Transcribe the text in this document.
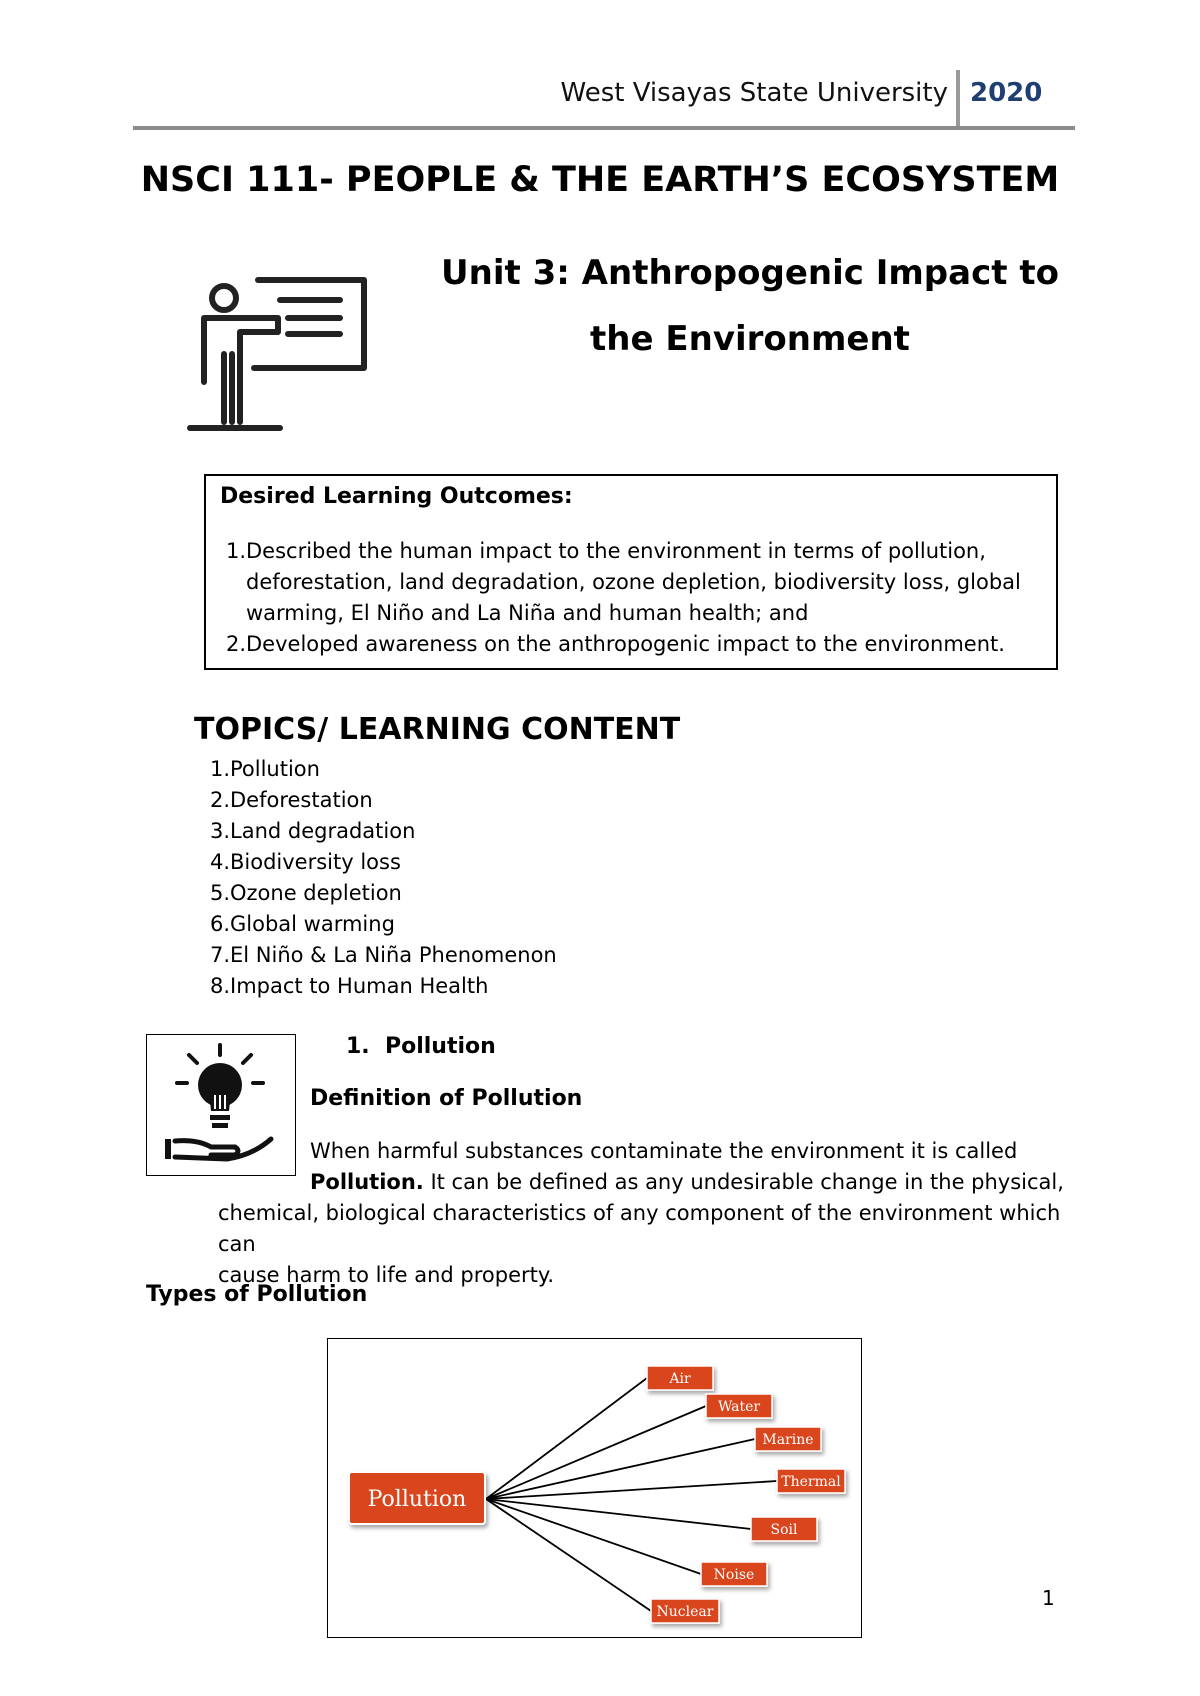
West Visayas State University 2020
NSCI 111- PEOPLE & THE EARTH’S ECOSYSTEM
Unit 3: Anthropogenic Impact to
the Environment
Desired Learning Outcomes:
1. Described the human impact to the environment in terms of pollution,
deforestation, land degradation, ozone depletion, biodiversity loss, global
warming, El Niño and La Niña and human health; and
2. Developed awareness on the anthropogenic impact to the environment.
TOPICS/ LEARNING CONTENT
1. Pollution
2. Deforestation
3. Land degradation
4. Biodiversity loss
5. Ozone depletion
6. Global warming
7. El Niño & La Niña Phenomenon
8. Impact to Human Health
1.  Pollution
Definition of Pollution
When harmful substances contaminate the environment it is called
Pollution. It can be defined as any undesirable change in the physical,
chemical, biological characteristics of any component of the environment which can
cause harm to life and property.
Types of Pollution
Pollution
Air
Water
Marine
Thermal
Soil
Noise
Nuclear
1
